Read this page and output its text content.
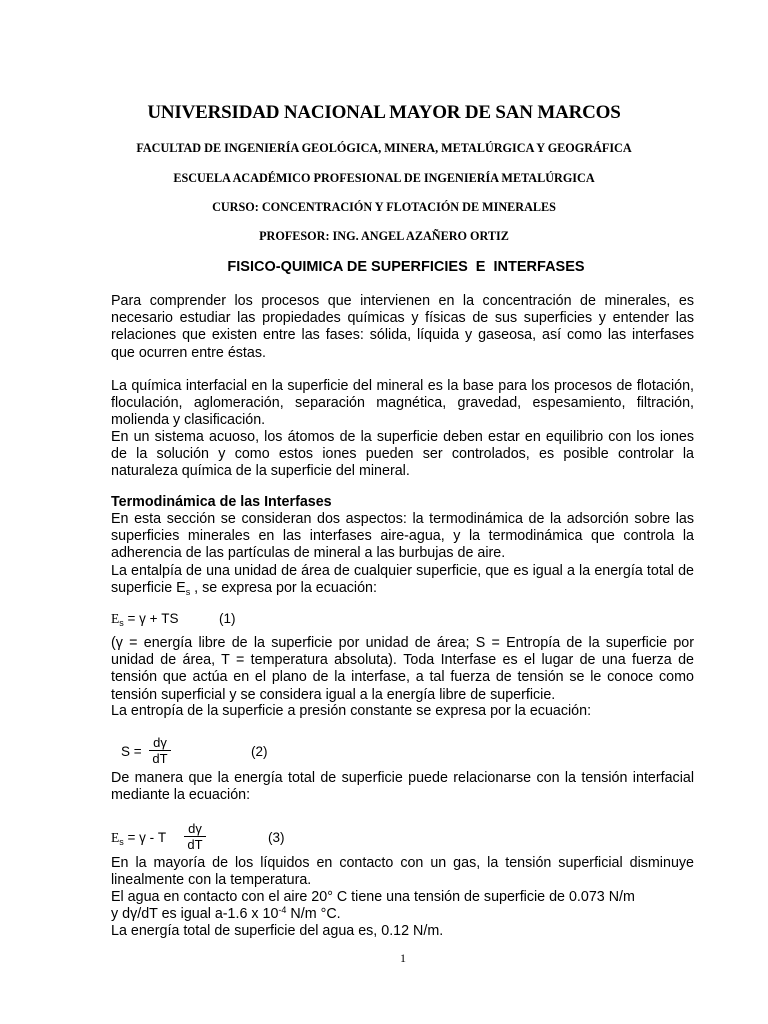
UNIVERSIDAD NACIONAL MAYOR DE SAN MARCOS
FACULTAD DE INGENIERÍA GEOLÓGICA, MINERA, METALÚRGICA Y GEOGRÁFICA
ESCUELA ACADÉMICO PROFESIONAL DE INGENIERÍA METALÚRGICA
CURSO: CONCENTRACIÓN Y FLOTACIÓN DE MINERALES
PROFESOR: ING. ANGEL AZAÑERO ORTIZ
FISICO-QUIMICA DE SUPERFICIES  E  INTERFASES
Para comprender los procesos que intervienen en la concentración de minerales, es necesario estudiar las propiedades químicas y físicas de sus superficies y entender las relaciones que existen entre las fases: sólida, líquida y gaseosa, así como las interfases que ocurren entre éstas.
La química interfacial en la superficie del mineral es la base para los procesos de flotación, floculación, aglomeración, separación magnética, gravedad, espesamiento, filtración, molienda y clasificación.
En un sistema acuoso, los átomos de la superficie deben estar en equilibrio con los iones de la solución y como estos iones pueden ser controlados, es posible controlar la naturaleza química de la superficie del mineral.
Termodinámica de las Interfases
En esta sección se consideran dos aspectos: la termodinámica de la adsorción sobre las superficies minerales en las interfases aire-agua, y la termodinámica que controla la adherencia de las partículas de mineral a las burbujas de aire.
La entalpía de una unidad de área de cualquier superficie, que es igual a la energía total de superficie $E_s$ , se expresa por la ecuación:
$E_s = \gamma$ + TS	(1)
(γ = energía libre de la superficie por unidad de área; S = Entropía de la superficie por unidad de área, T = temperatura absoluta). Toda Interfase es el lugar de una fuerza de tensión que actúa en el plano de la interfase, a tal fuerza de tensión se le conoce como tensión superficial y se considera igual a la energía libre de superficie.
La entropía de la superficie a presión constante se expresa por la ecuación:
S =
dγ
dT	(2)
De manera que la energía total de superficie puede relacionarse con la tensión interfacial mediante la ecuación:
$E_s = \gamma - T$
dγ
dT	(3)
En la mayoría de los líquidos en contacto con un gas, la tensión superficial disminuye linealmente con la temperatura.
El agua en contacto con el aire 20° C tiene una tensión de superficie de 0.073 N/m
y dγ/dT es igual a-1.6 x $10^{-4}$ N/m °C.
La energía total de superficie del agua es, 0.12 N/m.
1
